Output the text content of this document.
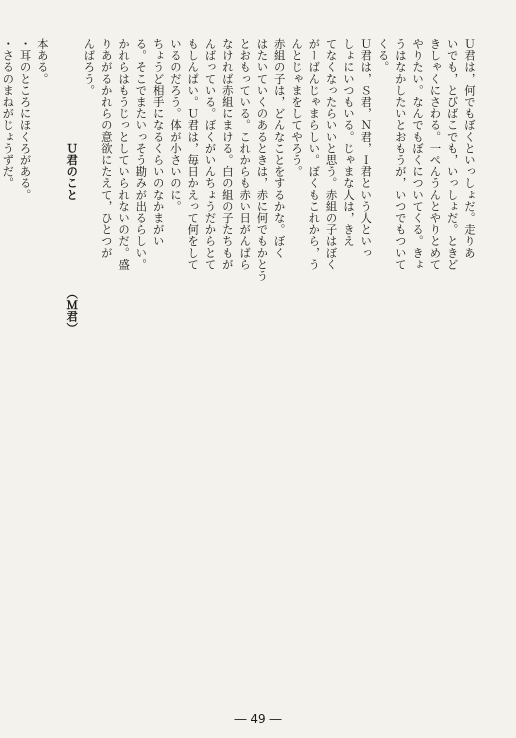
Ｕ君は，何でもぼくといっしょだ。走りあ
いでも，とびばこでも，いっしょだ。ときど
きしゃくにさわる。一ぺんうんとやりとめて
やりたい。なんでもぼくについてくる。きょ
うはなかしたいとおもうが，いつでもついて
くる。
Ｕ君は，Ｓ君，Ｎ君，Ｉ君という人といっ
しょにいつもいる。じゃまな人は，きえ
てなくなったらいいと思う。赤組の子はぼく
がーばんじゃまらしい。ぼくもこれから，う
んとじゃまをしてやろう。
赤組の子は，どんなことをするかな。ぼく
はたいていくのあるときは，赤に何でもかとう
とおもっている。これからも赤い日がんばら
なければ赤組にまける。白の組の子たちもが
んばっている。ぼくがいんちょうだからとて
もしんぱい。Ｕ君は，毎日かえって何をして
いるのだろう。体が小さいのに。
ちょうど相手になるくらいのなかまがい
る。そこでまたいっそう勘みが出るらしい。
かれらはもうじっとしていられないのだ。盛
りあがるかれらの意欲にたえて，ひとつが
んばろう。
　　　　　　　　　Ｕ君のこと　　　　　　　　（Ｍ君）
本ある。
・耳のところにほくろがある。
・さるのまねがじょうずだ。
― 49 ―
